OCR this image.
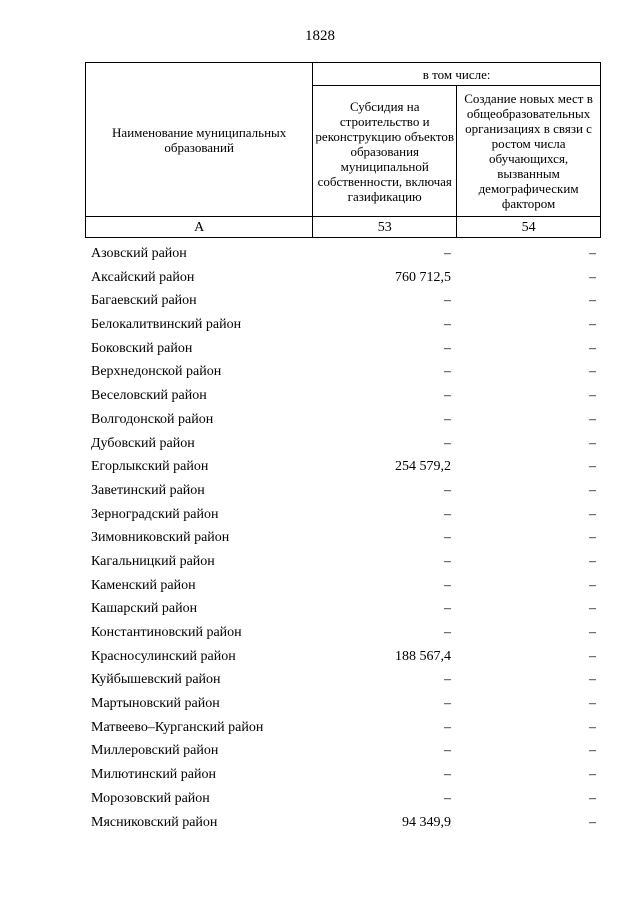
1828
Наименование муниципальных образований	в том числе:	
	Субсидия на строительство и реконструкцию объектов образования муниципальной собственности, включая газификацию	Создание новых мест в общеобразовательных организациях в связи с ростом числа обучающихся, вызванным демографическим фактором
А	53	54
Азовский район	–	–
Аксайский район	760 712,5	–
Багаевский район	–	–
Белокалитвинский район	–	–
Боковский район	–	–
Верхнедонской район	–	–
Веселовский район	–	–
Волгодонской район	–	–
Дубовский район	–	–
Егорлыкский район	254 579,2	–
Заветинский район	–	–
Зерноградский район	–	–
Зимовниковский район	–	–
Кагальницкий район	–	–
Каменский район	–	–
Кашарский район	–	–
Константиновский район	–	–
Красносулинский район	188 567,4	–
Куйбышевский район	–	–
Мартыновский район	–	–
Матвеево–Курганский район	–	–
Миллеровский район	–	–
Милютинский район	–	–
Морозовский район	–	–
Мясниковский район	94 349,9	–
